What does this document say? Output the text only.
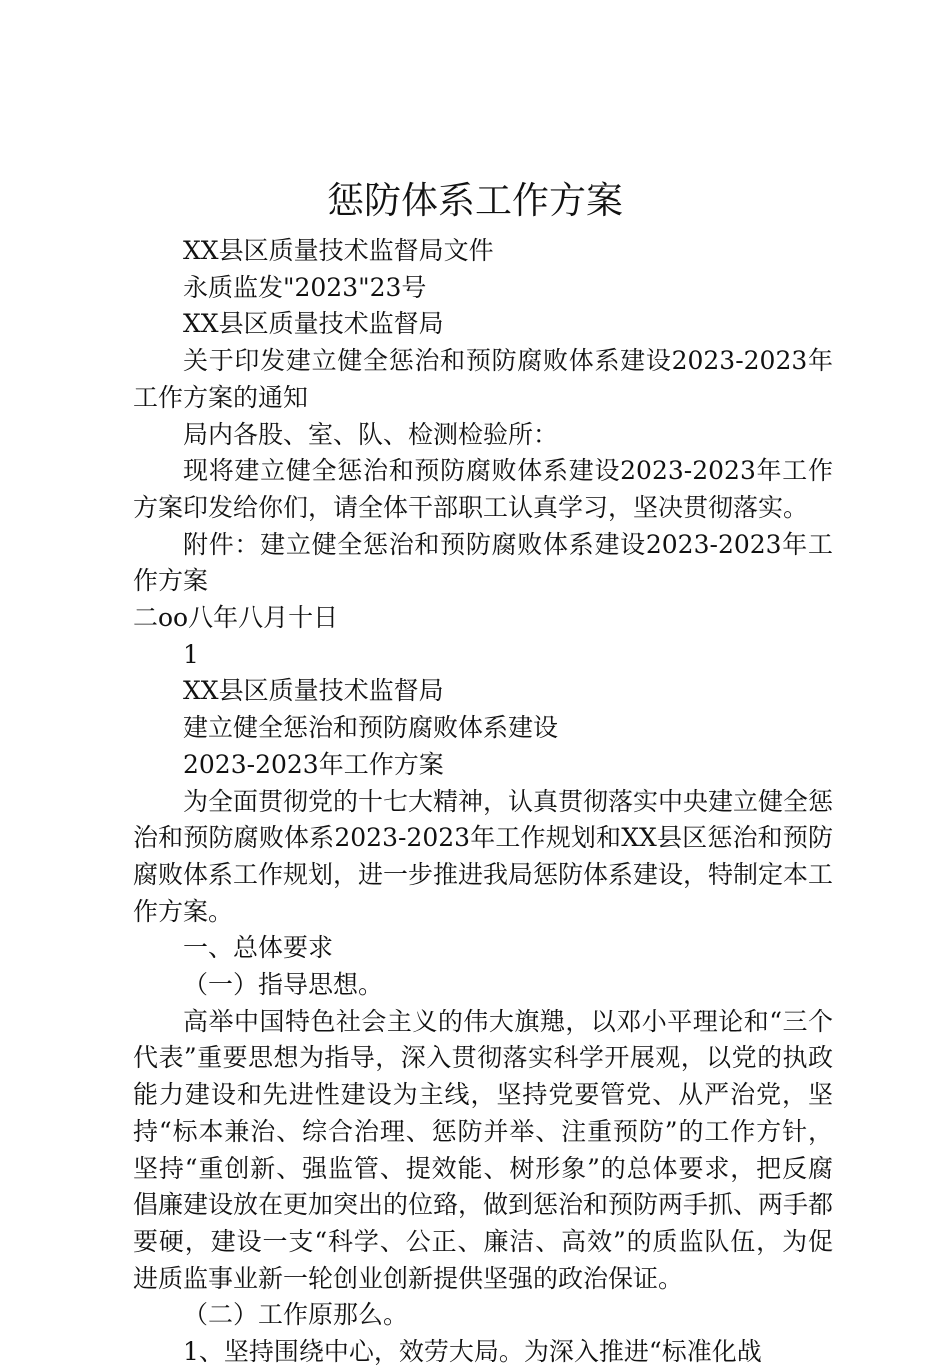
惩防体系工作方案

XX县区质量技术监督局文件

永质监发"2023"23号

XX县区质量技术监督局

关于印发建立健全惩治和预防腐败体系建设2023-2023年工作方案的通知

局内各股、室、队、检测检验所：

现将建立健全惩治和预防腐败体系建设2023-2023年工作方案印发给你们，请全体干部职工认真学习，坚决贯彻落实。

附件：建立健全惩治和预防腐败体系建设2023-2023年工作方案

二oo八年八月十日

1

XX县区质量技术监督局

建立健全惩治和预防腐败体系建设

2023-2023年工作方案

为全面贯彻党的十七大精神，认真贯彻落实中央建立健全惩治和预防腐败体系2023-2023年工作规划和XX县区惩治和预防腐败体系工作规划，进一步推进我局惩防体系建设，特制定本工作方案。

一、总体要求

（一）指导思想。

高举中国特色社会主义的伟大旗䍺，以邓小平理论和“三个代表”重要思想为指导，深入贯彻落实科学开展观，以党的执政能力建设和先进性建设为主线，坚持党要管党、从严治党，坚持“标本兼治、综合治理、惩防并举、注重预防”的工作方针，坚持“重创新、强监管、提效能、树形象”的总体要求，把反腐倡廉建设放在更加突出的位臵，做到惩治和预防两手抓、两手都要硬，建设一支“科学、公正、廉洁、高效”的质监队伍，为促进质监事业新一轮创业创新提供坚强的政治保证。

（二）工作原那么。

1、坚持围绕中心，效劳大局。为深入推进“标准化战
